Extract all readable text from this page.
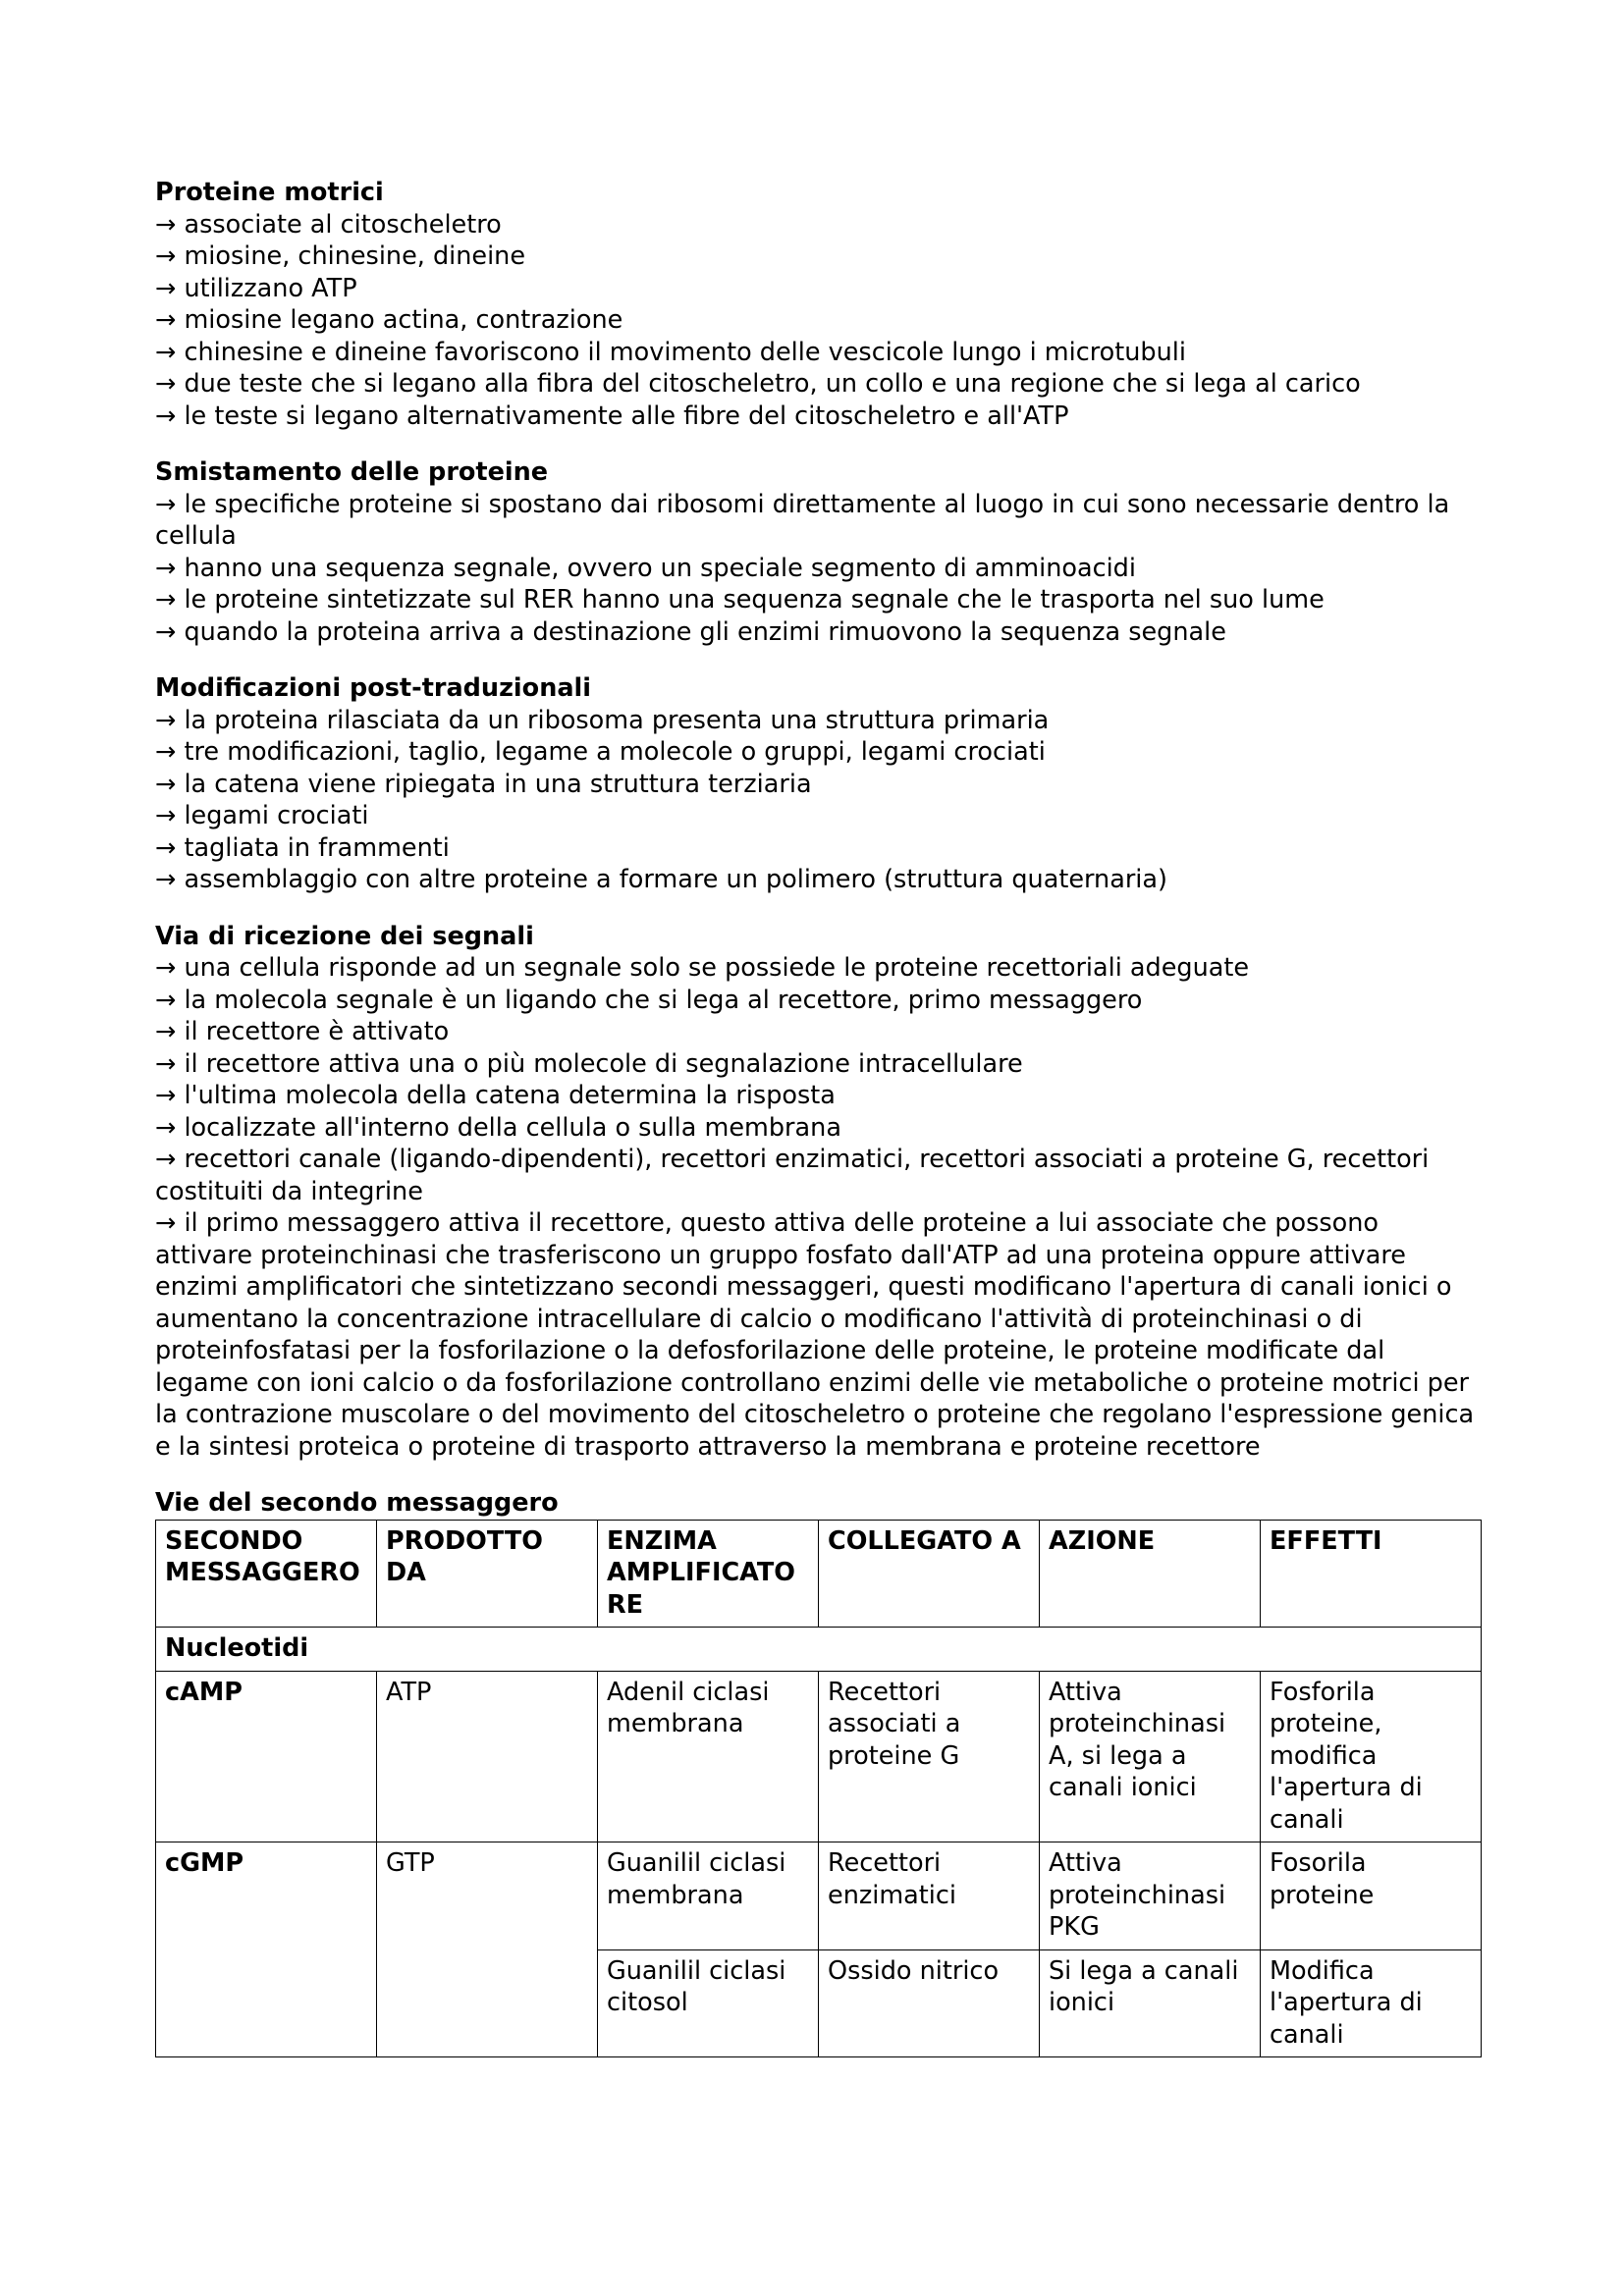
Proteine motrici
→ associate al citoscheletro
→ miosine, chinesine, dineine
→ utilizzano ATP
→ miosine legano actina, contrazione
→ chinesine e dineine favoriscono il movimento delle vescicole lungo i microtubuli
→ due teste che si legano alla fibra del citoscheletro, un collo e una regione che si lega al carico
→ le teste si legano alternativamente alle fibre del citoscheletro e all'ATP
Smistamento delle proteine
→ le specifiche proteine si spostano dai ribosomi direttamente al luogo in cui sono necessarie dentro la cellula
→ hanno una sequenza segnale, ovvero un speciale segmento di amminoacidi
→ le proteine sintetizzate sul RER hanno una sequenza segnale che le trasporta nel suo lume
→ quando la proteina arriva a destinazione gli enzimi rimuovono la sequenza segnale
Modificazioni post-traduzionali
→ la proteina rilasciata da un ribosoma presenta una struttura primaria
→ tre modificazioni, taglio, legame a molecole o gruppi, legami crociati
→ la catena viene ripiegata in una struttura terziaria
→ legami crociati
→ tagliata in frammenti
→ assemblaggio con altre proteine a formare un polimero (struttura quaternaria)
Via di ricezione dei segnali
→ una cellula risponde ad un segnale solo se possiede le proteine recettoriali adeguate
→ la molecola segnale è un ligando che si lega al recettore, primo messaggero
→ il recettore è attivato
→ il recettore attiva una o più molecole di segnalazione intracellulare
→ l'ultima molecola della catena determina la risposta
→ localizzate all'interno della cellula o sulla membrana
→ recettori canale (ligando-dipendenti), recettori enzimatici, recettori associati a proteine G, recettori costituiti da integrine
→ il primo messaggero attiva il recettore, questo attiva delle proteine a lui associate che possono attivare proteinchinasi che trasferiscono un gruppo fosfato dall'ATP ad una proteina oppure attivare enzimi amplificatori che sintetizzano secondi messaggeri, questi modificano l'apertura di canali ionici o aumentano la concentrazione intracellulare di calcio o modificano l'attività di proteinchinasi o di proteinfosfatasi per la fosforilazione o la defosforilazione delle proteine, le proteine modificate dal legame con ioni calcio o da fosforilazione controllano enzimi delle vie metaboliche o proteine motrici per la contrazione muscolare o del movimento del citoscheletro o proteine che regolano l'espressione genica e la sintesi proteica o proteine di trasporto attraverso la membrana e proteine recettore
Vie del secondo messaggero
SECONDO MESSAGGERO	PRODOTTO DA	ENZIMA AMPLIFICATORE	COLLEGATO A	AZIONE	EFFETTI
Nucleotidi					
cAMP	ATP	Adenil ciclasi membrana	Recettori associati a proteine G	Attiva proteinchinasi A, si lega a canali ionici	Fosforila proteine, modifica l'apertura di canali
cGMP	GTP	Guanilil ciclasi membrana	Recettori enzimatici	Attiva proteinchinasi PKG	Fosorila proteine
		Guanilil ciclasi citosol	Ossido nitrico	Si lega a canali ionici	Modifica l'apertura di canali
